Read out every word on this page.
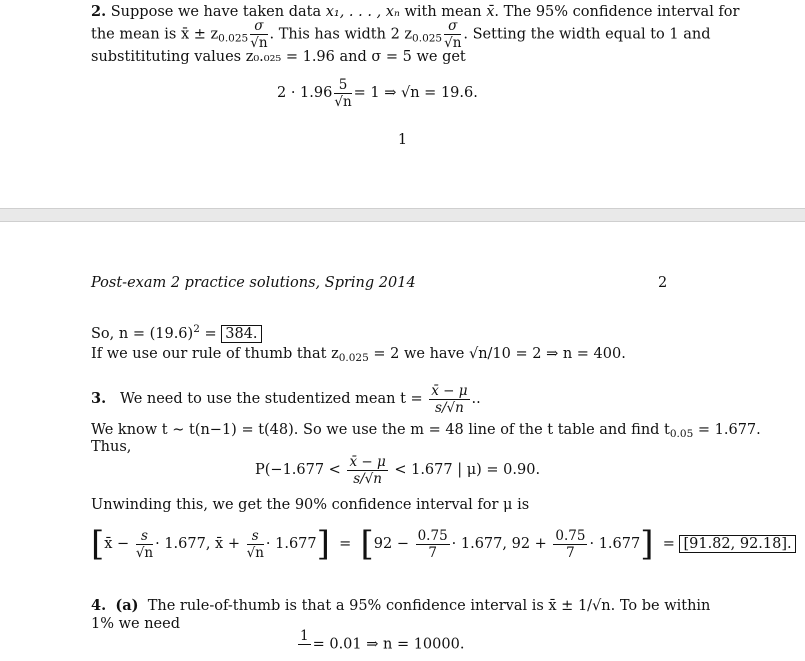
2. Suppose we have taken data x₁, . . . , xₙ with mean x̄. The 95% confidence interval for
the mean is x̄ ± $z_{0.025} \frac{\sigma}{√n}$ . This has width 2 $z_{0.025} \frac{\sigma}{√n}$ . Setting the width equal to 1 and
substitituting values z₀.₀₂₅ = 1.96 and σ = 5 we get
$2 \cdot 1.96 \frac{5}{√n} = 1$ ⇒ √n = 19.6.
1
Post-exam 2 practice solutions, Spring 2014	2
So, $n = (19.6)^2 = 384$.
If we use our rule of thumb that $z_{0.025} = 2$ we have √n/10 = 2 ⇒ n = 400.
3. We need to use the studentized mean $t = \frac{x̄ - \mu}{s/√n}$ ..
We know t ∼ t(n−1) = t(48). So we use the m = 48 line of the t table and find $t_{0.05} = 1.677$.
Thus,
$P(-1.677 < \frac{x̄ - \mu}{s/√n} < 1.677$ | μ) = 0.90.
Unwinding this, we get the 90% confidence interval for μ is
[x̄ − $\frac{s}{√n} \cdot 1.677$, x̄ + $\frac{s}{√n} \cdot 1.677] = [92 - \frac{0.75}{7} \cdot 1.677$, $92 + \frac{0.75}{7} \cdot 1.677] = [91.82$, 92.18].
4. (a) The rule-of-thumb is that a 95% confidence interval is x̄ ± 1/√n. To be within
1% we need
1

= 0.01 ⇒ n = 10000.
